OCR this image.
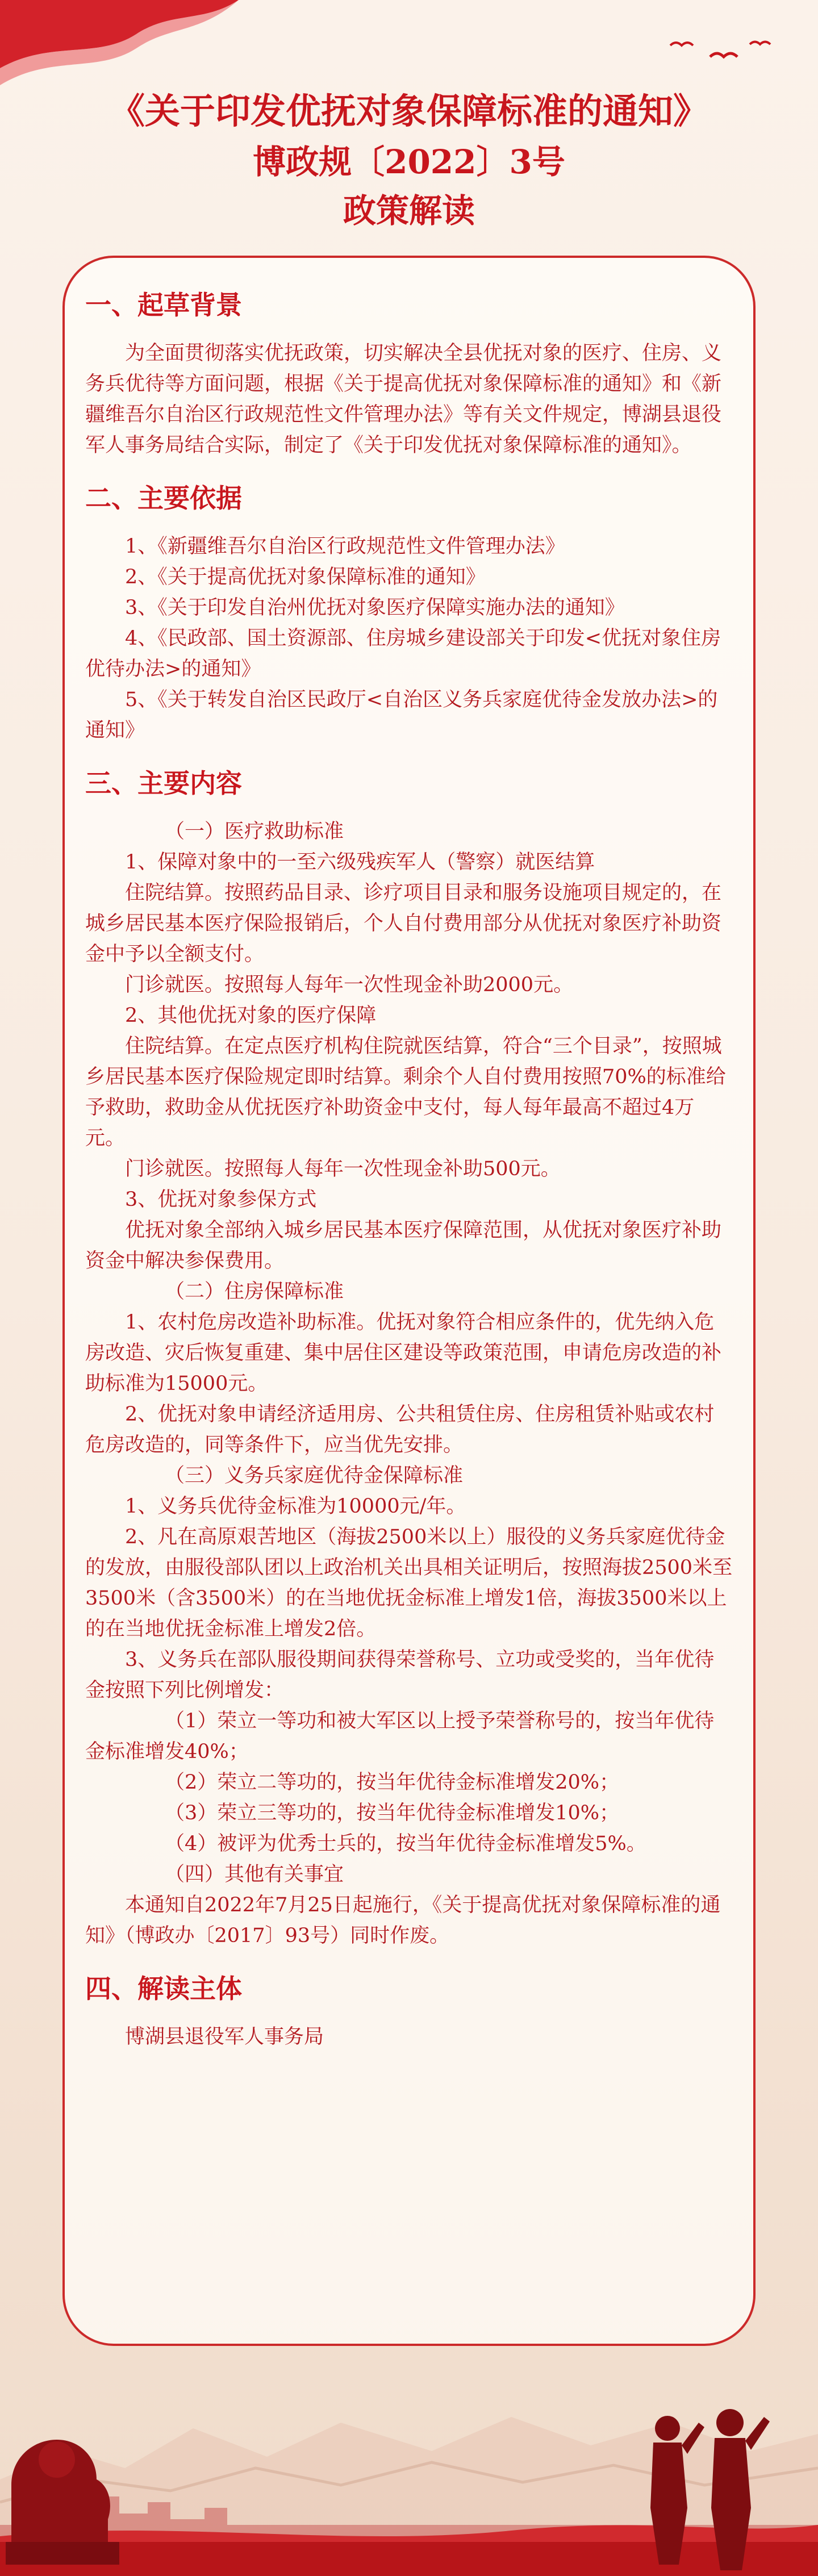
《关于印发优抚对象保障标准的通知》
博政规〔2022〕3号
政策解读
一、起草背景

为全面贯彻落实优抚政策，切实解决全县优抚对象的医疗、住房、义务兵优待等方面问题，根据《关于提高优抚对象保障标准的通知》和《新疆维吾尔自治区行政规范性文件管理办法》等有关文件规定，博湖县退役军人事务局结合实际，制定了《关于印发优抚对象保障标准的通知》。

二、主要依据

1、《新疆维吾尔自治区行政规范性文件管理办法》

2、《关于提高优抚对象保障标准的通知》

3、《关于印发自治州优抚对象医疗保障实施办法的通知》

4、《民政部、国土资源部、住房城乡建设部关于印发<优抚对象住房优待办法>的通知》

5、《关于转发自治区民政厅<自治区义务兵家庭优待金发放办法>的通知》

三、主要内容

（一）医疗救助标准

1、保障对象中的一至六级残疾军人（警察）就医结算

住院结算。按照药品目录、诊疗项目目录和服务设施项目规定的，在城乡居民基本医疗保险报销后，个人自付费用部分从优抚对象医疗补助资金中予以全额支付。

门诊就医。按照每人每年一次性现金补助2000元。

2、其他优抚对象的医疗保障

住院结算。在定点医疗机构住院就医结算，符合“三个目录”，按照城乡居民基本医疗保险规定即时结算。剩余个人自付费用按照70%的标准给予救助，救助金从优抚医疗补助资金中支付，每人每年最高不超过4万元。

门诊就医。按照每人每年一次性现金补助500元。

3、优抚对象参保方式

优抚对象全部纳入城乡居民基本医疗保障范围，从优抚对象医疗补助资金中解决参保费用。

（二）住房保障标准

1、农村危房改造补助标准。优抚对象符合相应条件的，优先纳入危房改造、灾后恢复重建、集中居住区建设等政策范围，申请危房改造的补助标准为15000元。

2、优抚对象申请经济适用房、公共租赁住房、住房租赁补贴或农村危房改造的，同等条件下，应当优先安排。

（三）义务兵家庭优待金保障标准

1、义务兵优待金标准为10000元/年。

2、凡在高原艰苦地区（海拔2500米以上）服役的义务兵家庭优待金的发放，由服役部队团以上政治机关出具相关证明后，按照海拔2500米至3500米（含3500米）的在当地优抚金标准上增发1倍，海拔3500米以上的在当地优抚金标准上增发2倍。

3、义务兵在部队服役期间获得荣誉称号、立功或受奖的，当年优待金按照下列比例增发：

（1）荣立一等功和被大军区以上授予荣誉称号的，按当年优待金标准增发40%；

（2）荣立二等功的，按当年优待金标准增发20%；

（3）荣立三等功的，按当年优待金标准增发10%；

（4）被评为优秀士兵的，按当年优待金标准增发5%。

（四）其他有关事宜

本通知自2022年7月25日起施行，《关于提高优抚对象保障标准的通知》（博政办〔2017〕93号）同时作废。

四、解读主体

博湖县退役军人事务局
